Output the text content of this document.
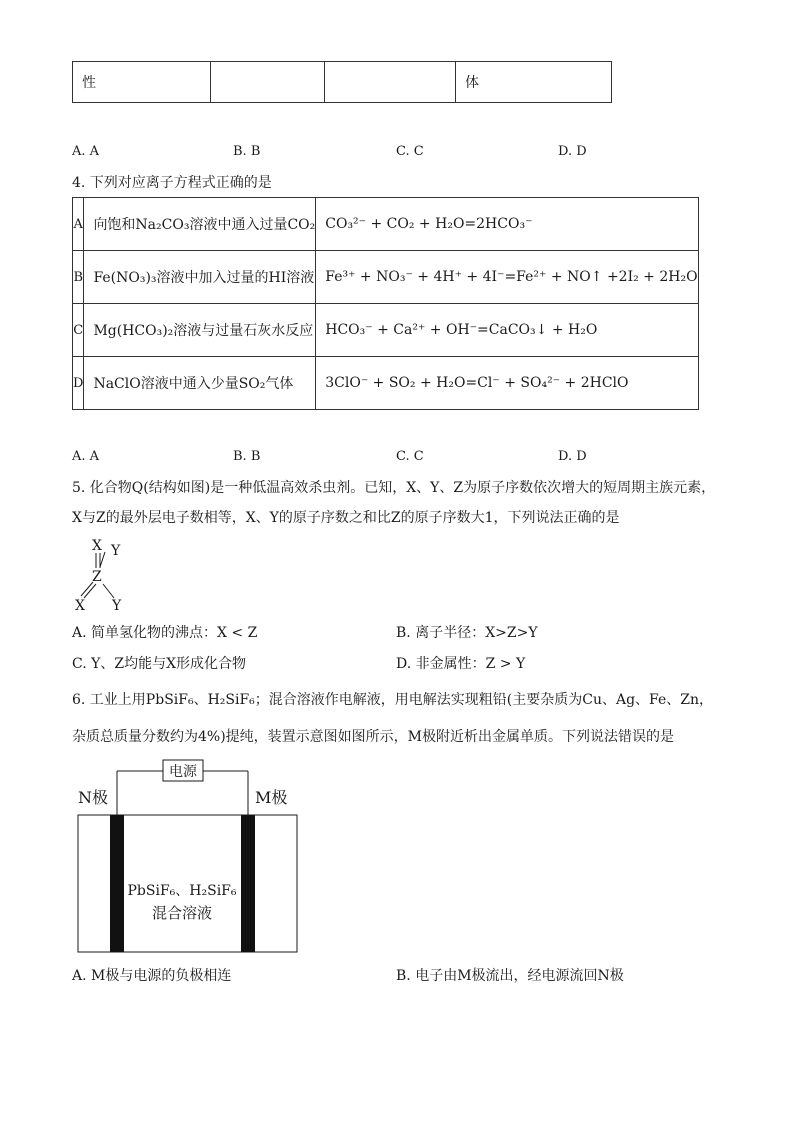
性			体
A. A	B. B	C. C	D. D
4. 下列对应离子方程式正确的是
A	向饱和Na₂CO₃溶液中通入过量CO₂	CO₃²⁻ + CO₂ + H₂O=2HCO₃⁻
B	Fe(NO₃)₃溶液中加入过量的HI溶液	Fe³⁺ + NO₃⁻ + 4H⁺ + 4I⁻=Fe²⁺ + NO↑ +2I₂ + 2H₂O
C	Mg(HCO₃)₂溶液与过量石灰水反应	HCO₃⁻ + Ca²⁺ + OH⁻=CaCO₃↓ + H₂O
D	NaClO溶液中通入少量SO₂气体	3ClO⁻ + SO₂ + H₂O=Cl⁻ + SO₄²⁻ + 2HClO
A. A	B. B	C. C	D. D
5. 化合物Q(结构如图)是一种低温高效杀虫剂。已知，X、Y、Z为原子序数依次增大的短周期主族元素，
X与Z的最外层电子数相等，X、Y的原子序数之和比Z的原子序数大1，下列说法正确的是
X Y
Z
X Y
A. 简单氢化物的沸点：X < Z	B. 离子半径：X>Z>Y
C. Y、Z均能与X形成化合物	D. 非金属性：Z > Y
6. 工业上用PbSiF₆、H₂SiF₆；混合溶液作电解液，用电解法实现粗铅(主要杂质为Cu、Ag、Fe、Zn，
杂质总质量分数约为4%)提纯，装置示意图如图所示，M极附近析出金属单质。下列说法错误的是
电源
N极	M极
PbSiF₆、H₂SiF₆
混合溶液
A. M极与电源的负极相连	B. 电子由M极流出，经电源流回N极
